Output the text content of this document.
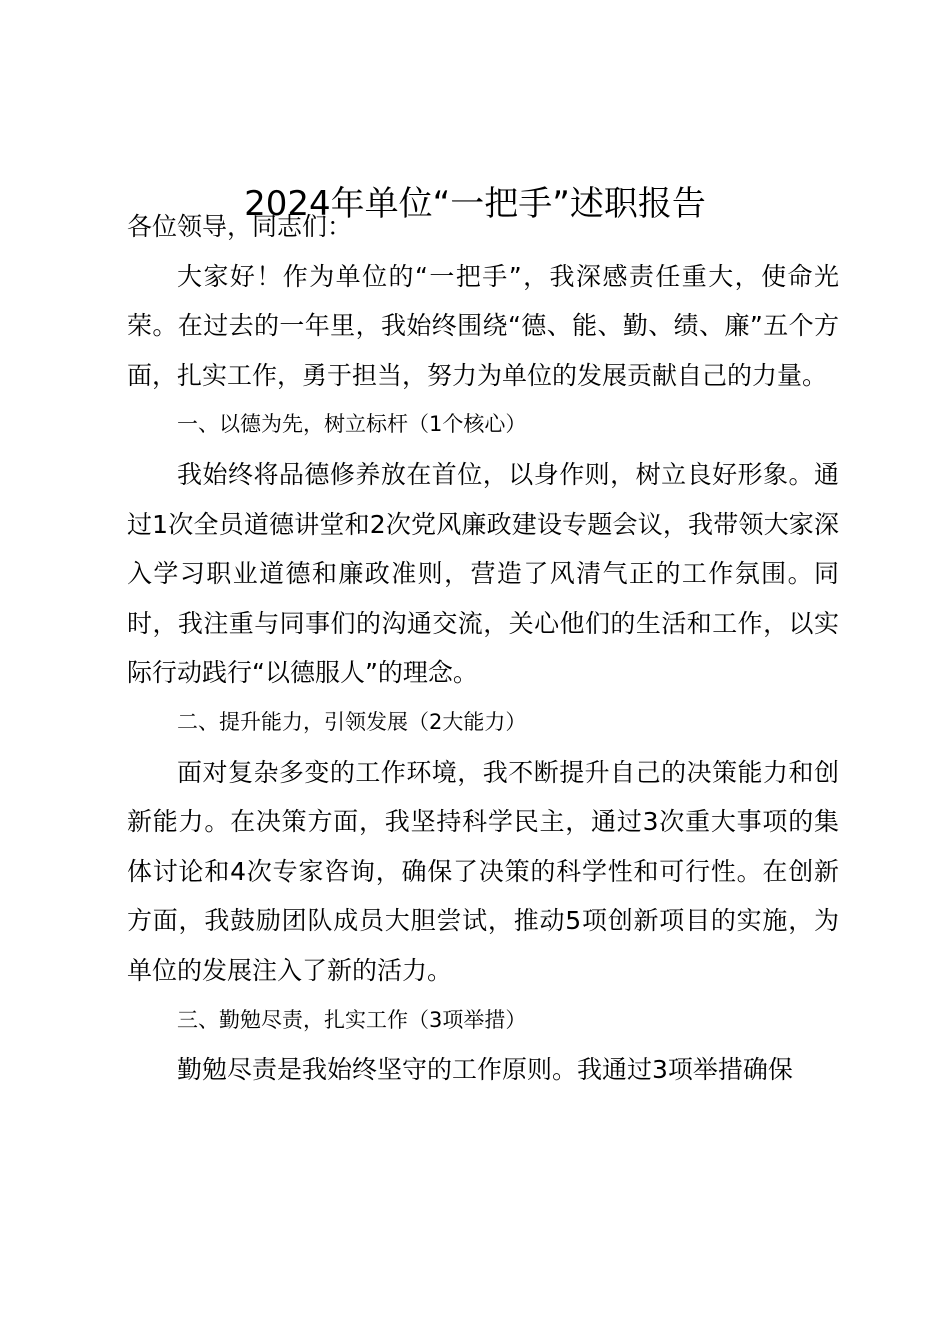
2024年单位“一把手”述职报告

各位领导，同志们：

大家好！作为单位的“一把手”，我深感责任重大，使命光荣。在过去的一年里，我始终围绕“德、能、勤、绩、廉”五个方面，扎实工作，勇于担当，努力为单位的发展贡献自己的力量。

一、以德为先，树立标杆（1个核心）

我始终将品德修养放在首位，以身作则，树立良好形象。通过1次全员道德讲堂和2次党风廉政建设专题会议，我带领大家深入学习职业道德和廉政准则，营造了风清气正的工作氛围。同时，我注重与同事们的沟通交流，关心他们的生活和工作，以实际行动践行“以德服人”的理念。

二、提升能力，引领发展（2大能力）

面对复杂多变的工作环境，我不断提升自己的决策能力和创新能力。在决策方面，我坚持科学民主，通过3次重大事项的集体讨论和4次专家咨询，确保了决策的科学性和可行性。在创新方面，我鼓励团队成员大胆尝试，推动5项创新项目的实施，为单位的发展注入了新的活力。

三、勤勉尽责，扎实工作（3项举措）

勤勉尽责是我始终坚守的工作原则。我通过3项举措确保
